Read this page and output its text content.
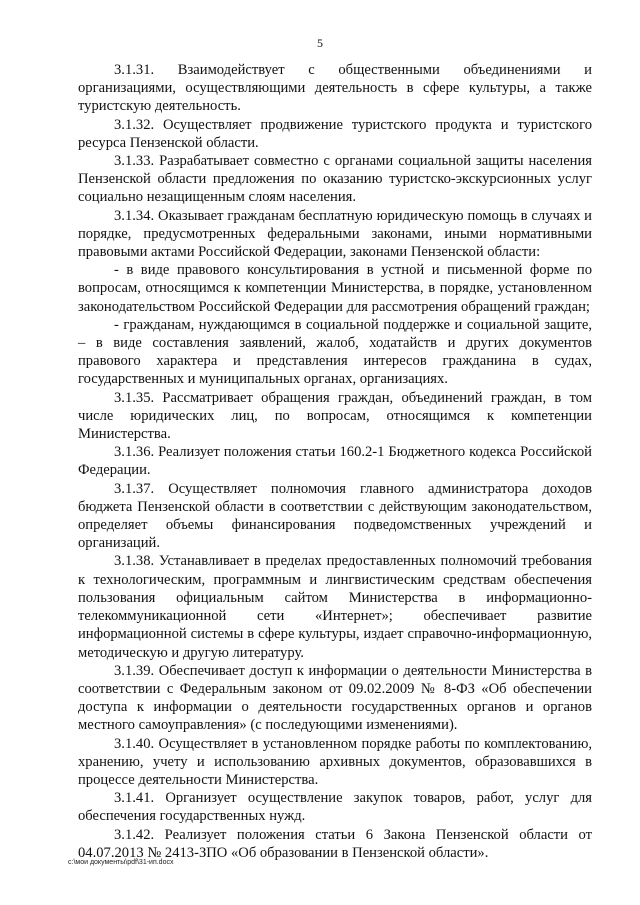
5

3.1.31. Взаимодействует с общественными объединениями и организациями, осуществляющими деятельность в сфере культуры, а также туристскую деятельность.

3.1.32. Осуществляет продвижение туристского продукта и туристского ресурса Пензенской области.

3.1.33. Разрабатывает совместно с органами социальной защиты населения Пензенской области предложения по оказанию туристско-экскурсионных услуг социально незащищенным слоям населения.

3.1.34. Оказывает гражданам бесплатную юридическую помощь в случаях и порядке, предусмотренных федеральными законами, иными нормативными правовыми актами Российской Федерации, законами Пензенской области:

- в виде правового консультирования в устной и письменной форме по вопросам, относящимся к компетенции Министерства, в порядке, установленном законодательством Российской Федерации для рассмотрения обращений граждан;

- гражданам, нуждающимся в социальной поддержке и социальной защите, – в виде составления заявлений, жалоб, ходатайств и других документов правового характера и представления интересов гражданина в судах, государственных и муниципальных органах, организациях.

3.1.35. Рассматривает обращения граждан, объединений граждан, в том числе юридических лиц, по вопросам, относящимся к компетенции Министерства.

3.1.36. Реализует положения статьи 160.2-1 Бюджетного кодекса Российской Федерации.

3.1.37. Осуществляет полномочия главного администратора доходов бюджета Пензенской области в соответствии с действующим законодательством, определяет объемы финансирования подведомственных учреждений и организаций.

3.1.38. Устанавливает в пределах предоставленных полномочий требования к технологическим, программным и лингвистическим средствам обеспечения пользования официальным сайтом Министерства в информационно-телекоммуникационной сети «Интернет»; обеспечивает развитие информационной системы в сфере культуры, издает справочно-информационную, методическую и другую литературу.

3.1.39. Обеспечивает доступ к информации о деятельности Министерства в соответствии с Федеральным законом от 09.02.2009 № 8-ФЗ «Об обеспечении доступа к информации о деятельности государственных органов и органов местного самоуправления» (с последующими изменениями).

3.1.40. Осуществляет в установленном порядке работы по комплектованию, хранению, учету и использованию архивных документов, образовавшихся в процессе деятельности Министерства.

3.1.41. Организует осуществление закупок товаров, работ, услуг для обеспечения государственных нужд.

3.1.42. Реализует положения статьи 6 Закона Пензенской области от 04.07.2013 № 2413-ЗПО «Об образовании в Пензенской области».

c:\мои документы\pdf\31-ип.docx
